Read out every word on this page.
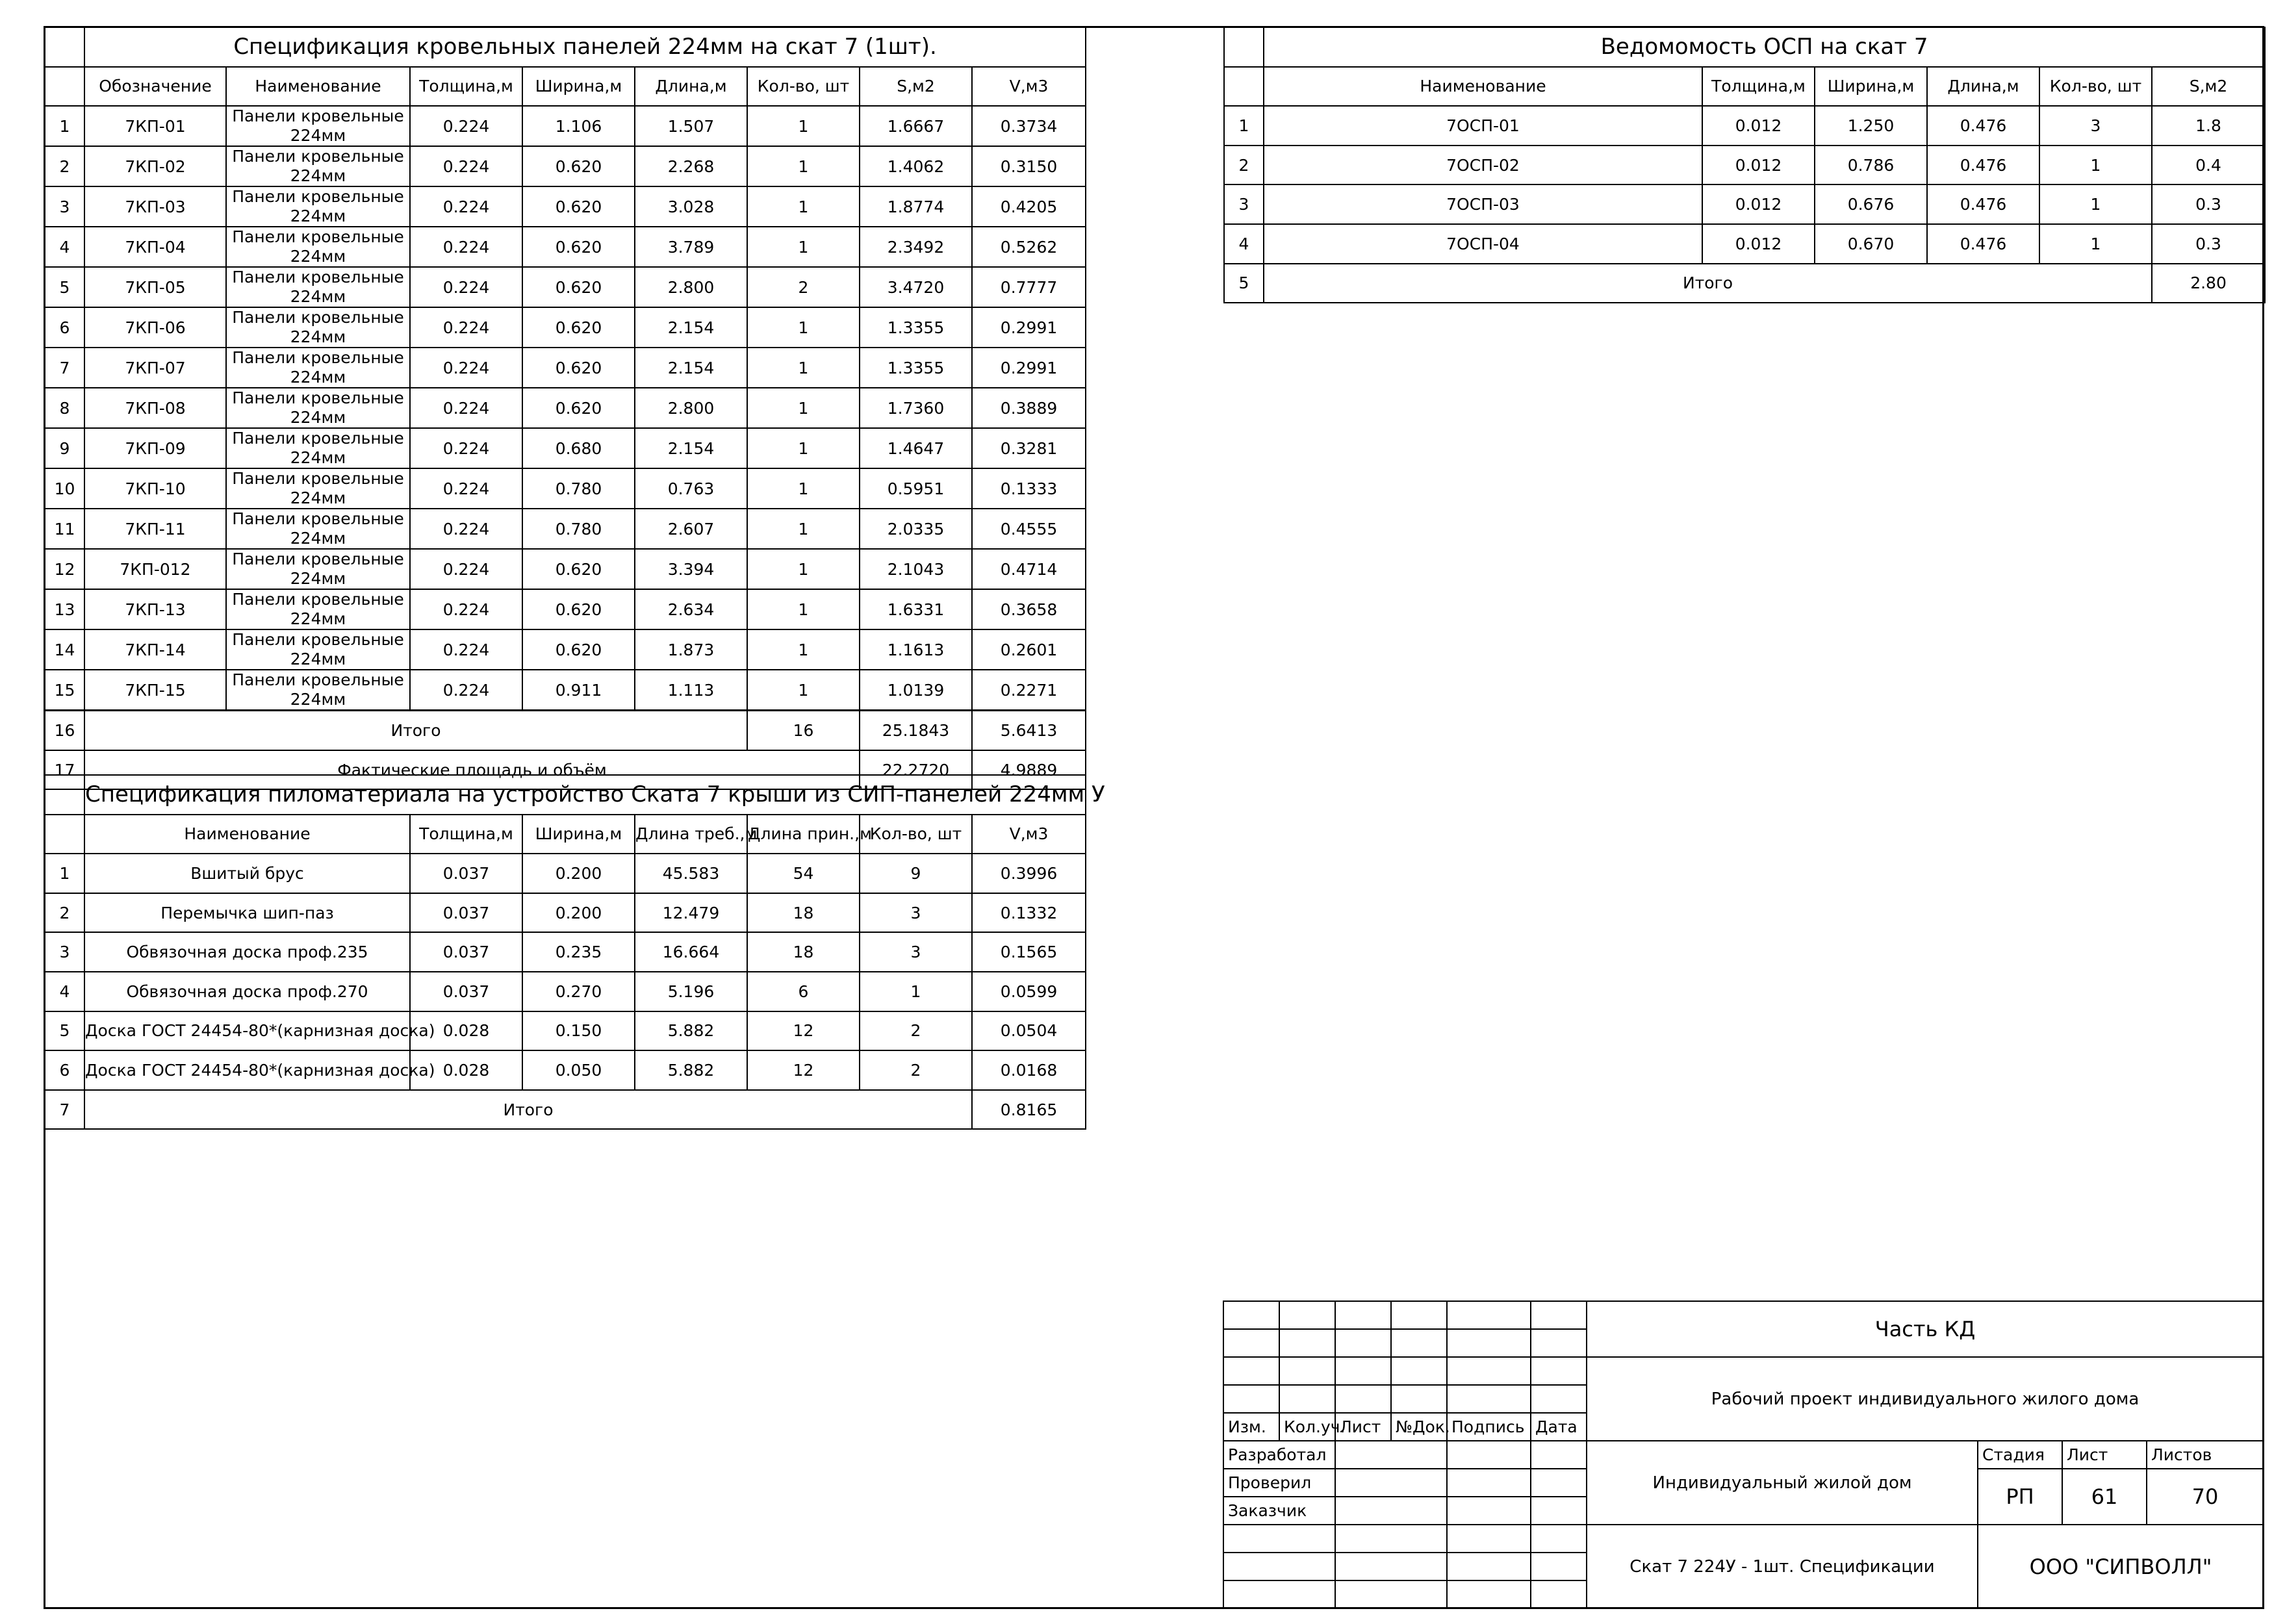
	Спецификация кровельных панелей 224мм на скат 7 (1шт).							
	Обозначение	Наименование	Толщина,м	Ширина,м	Длина,м	Кол-во, шт	S,м2	V,м3
1	7КП-01	Панели кровельные 224мм	0.224	1.106	1.507	1	1.6667	0.3734
2	7КП-02	Панели кровельные 224мм	0.224	0.620	2.268	1	1.4062	0.3150
3	7КП-03	Панели кровельные 224мм	0.224	0.620	3.028	1	1.8774	0.4205
4	7КП-04	Панели кровельные 224мм	0.224	0.620	3.789	1	2.3492	0.5262
5	7КП-05	Панели кровельные 224мм	0.224	0.620	2.800	2	3.4720	0.7777
6	7КП-06	Панели кровельные 224мм	0.224	0.620	2.154	1	1.3355	0.2991
7	7КП-07	Панели кровельные 224мм	0.224	0.620	2.154	1	1.3355	0.2991
8	7КП-08	Панели кровельные 224мм	0.224	0.620	2.800	1	1.7360	0.3889
9	7КП-09	Панели кровельные 224мм	0.224	0.680	2.154	1	1.4647	0.3281
10	7КП-10	Панели кровельные 224мм	0.224	0.780	0.763	1	0.5951	0.1333
11	7КП-11	Панели кровельные 224мм	0.224	0.780	2.607	1	2.0335	0.4555
12	7КП-012	Панели кровельные 224мм	0.224	0.620	3.394	1	2.1043	0.4714
13	7КП-13	Панели кровельные 224мм	0.224	0.620	2.634	1	1.6331	0.3658
14	7КП-14	Панели кровельные 224мм	0.224	0.620	1.873	1	1.1613	0.2601
15	7КП-15	Панели кровельные 224мм	0.224	0.911	1.113	1	1.0139	0.2271
16	Итого					16	25.1843	5.6413
17	Фактические площадь и объём						22.2720	4.9889
	Спецификация пиломатериала на устройство Ската 7 крыши из СИП-панелей 224мм У						
	Наименование	Толщина,м	Ширина,м	Длина треб.,м	Длина прин.,м	Кол-во, шт	V,м3
1	Вшитый брус	0.037	0.200	45.583	54	9	0.3996
2	Перемычка шип-паз	0.037	0.200	12.479	18	3	0.1332
3	Обвязочная доска проф.235	0.037	0.235	16.664	18	3	0.1565
4	Обвязочная доска проф.270	0.037	0.270	5.196	6	1	0.0599
5	Доска ГОСТ 24454-80*(карнизная доска)	0.028	0.150	5.882	12	2	0.0504
6	Доска ГОСТ 24454-80*(карнизная доска)	0.028	0.050	5.882	12	2	0.0168
7	Итого						0.8165
	Ведомомость ОСП на скат 7					
	Наименование	Толщина,м	Ширина,м	Длина,м	Кол-во, шт	S,м2
1	7ОСП-01	0.012	1.250	0.476	3	1.8
2	7ОСП-02	0.012	0.786	0.476	1	0.4
3	7ОСП-03	0.012	0.676	0.476	1	0.3
4	7ОСП-04	0.012	0.670	0.476	1	0.3
5	Итого					2.80
						Часть КД			

						Рабочий проект индивидуального жилого дома			

Изм.	Кол.уч.	Лист	№Док.	Подпись	Дата				
Разработал						Индивидуальный жилой дом	Стадия	Лист	Листов
Проверил							РП	61	70
Заказчик									
						Скат 7 224У - 1шт. Спецификации	ООО "СИПВОЛЛ"		
